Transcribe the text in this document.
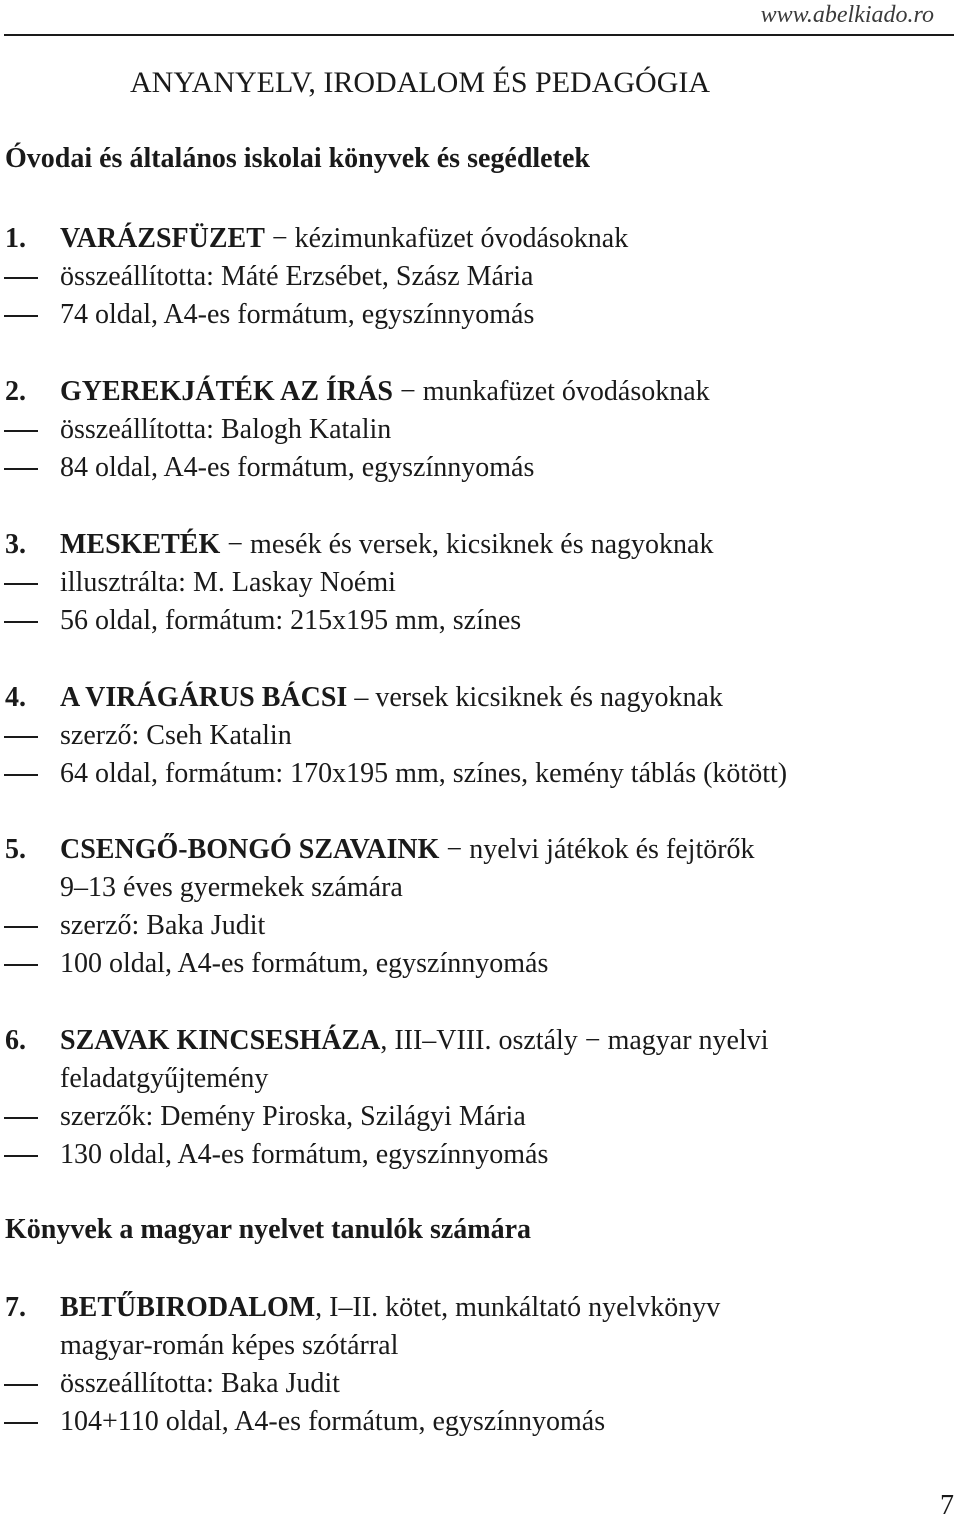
www.abelkiado.ro
ANYANYELV, IRODALOM ÉS PEDAGÓGIA
Óvodai és általános iskolai könyvek és segédletek
1. VARÁZSFÜZET − kézimunkafüzet óvodásoknak
összeállította: Máté Erzsébet, Szász Mária
74 oldal, A4-es formátum, egyszínnyomás
2. GYEREKJÁTÉK AZ ÍRÁS − munkafüzet óvodásoknak
összeállította: Balogh Katalin
84 oldal, A4-es formátum, egyszínnyomás
3. MESKETÉK − mesék és versek, kicsiknek és nagyoknak
illusztrálta: M. Laskay Noémi
56 oldal, formátum: 215x195 mm, színes
4. A VIRÁGÁRUS BÁCSI – versek kicsiknek és nagyoknak
szerző: Cseh Katalin
64 oldal, formátum: 170x195 mm, színes, kemény táblás (kötött)
5. CSENGŐ-BONGÓ SZAVAINK − nyelvi játékok és fejtörők
9–13 éves gyermekek számára
szerző: Baka Judit
100 oldal, A4-es formátum, egyszínnyomás
6. SZAVAK KINCSESHÁZA, III–VIII. osztály − magyar nyelvi
feladatgyűjtemény
szerzők: Demény Piroska, Szilágyi Mária
130 oldal, A4-es formátum, egyszínnyomás
Könyvek a magyar nyelvet tanulók számára
7. BETŰBIRODALOM, I–II. kötet, munkáltató nyelvkönyv
magyar-román képes szótárral
összeállította: Baka Judit
104+110 oldal, A4-es formátum, egyszínnyomás
7
